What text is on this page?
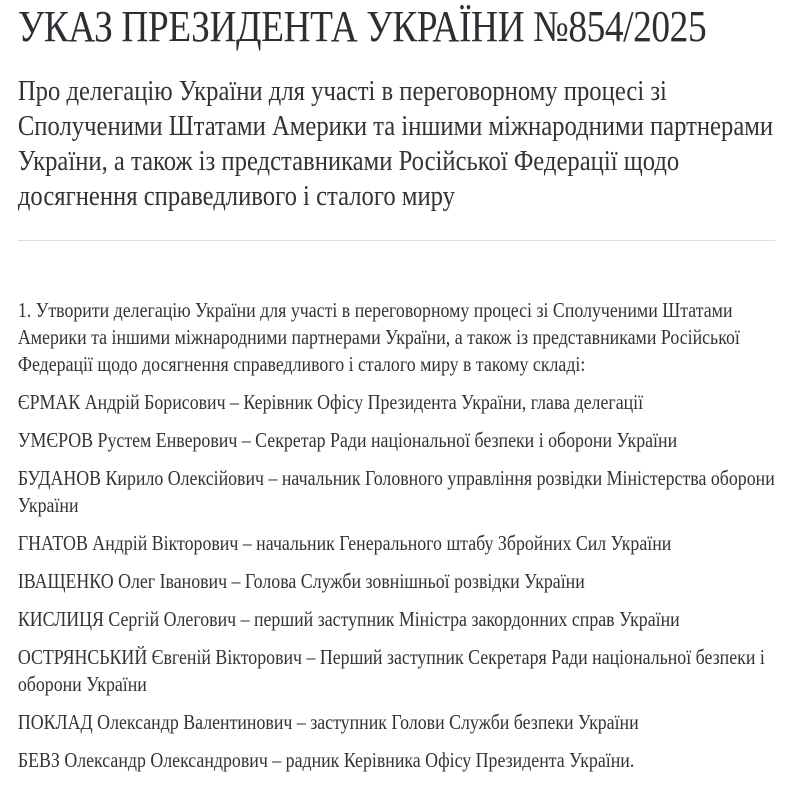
УКАЗ ПРЕЗИДЕНТА УКРАЇНИ №854/2025
Про делегацію України для участі в переговорному процесі зі Сполученими Штатами Америки та іншими міжнародними партнерами України, а також із представниками Російської Федерації щодо досягнення справедливого і сталого миру

1. Утворити делегацію України для участі в переговорному процесі зі Сполученими Штатами Америки та іншими міжнародними партнерами України, а також із представниками Російської Федерації щодо досягнення справедливого і сталого миру в такому складі:

ЄРМАК Андрій Борисович – Керівник Офісу Президента України, глава делегації

УМЄРОВ Рустем Енверович – Секретар Ради національної безпеки і оборони України

БУДАНОВ Кирило Олексійович – начальник Головного управління розвідки Міністерства оборони України

ГНАТОВ Андрій Вікторович – начальник Генерального штабу Збройних Сил України

ІВАЩЕНКО Олег Іванович – Голова Служби зовнішньої розвідки України

КИСЛИЦЯ Сергій Олегович – перший заступник Міністра закордонних справ України

ОСТРЯНСЬКИЙ Євгеній Вікторович – Перший заступник Секретаря Ради національної безпеки і оборони України

ПОКЛАД Олександр Валентинович – заступник Голови Служби безпеки України

БЕВЗ Олександр Олександрович – радник Керівника Офісу Президента України.
